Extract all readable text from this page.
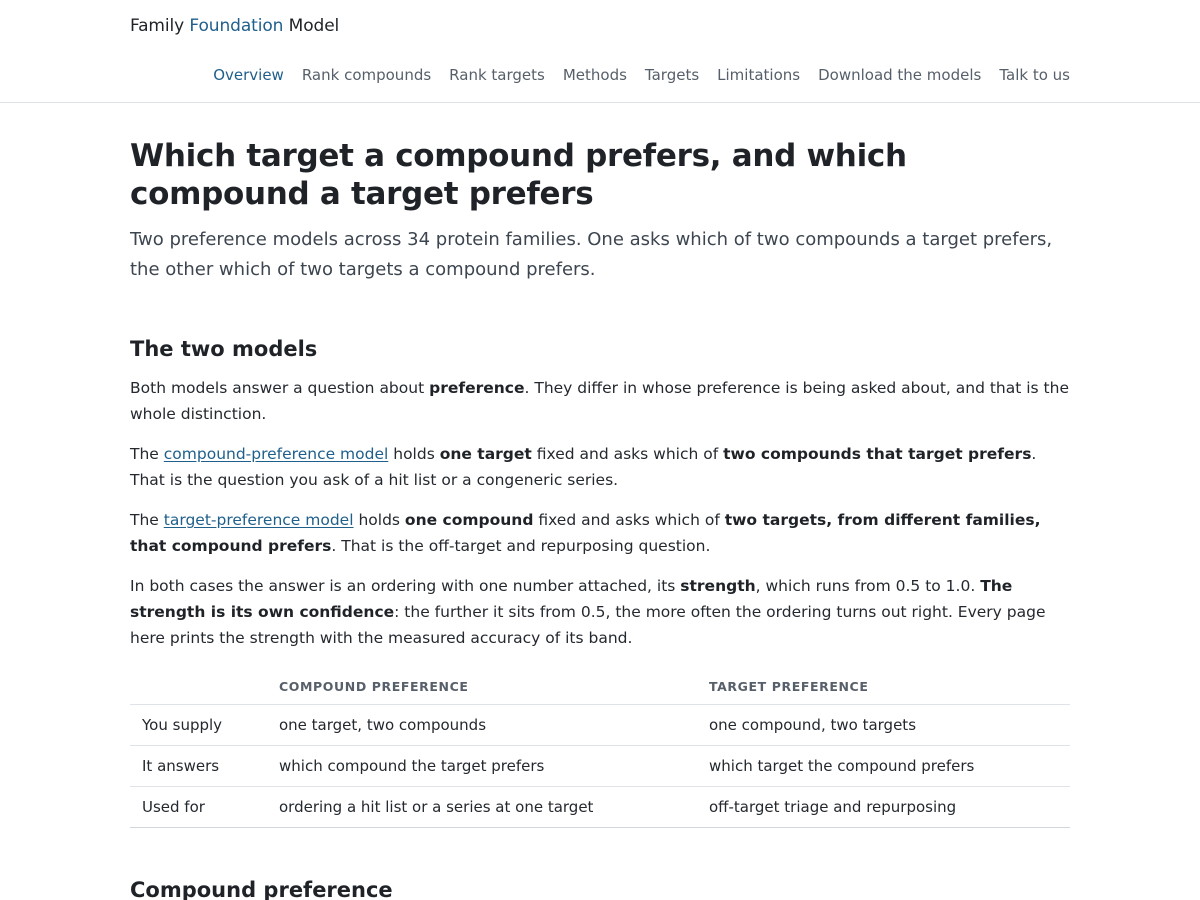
Family Foundation Model
Overview Rank compounds Rank targets Methods Targets Limitations Download the models Talk to us
Which target a compound prefers, and which compound a target prefers

Two preference models across 34 protein families. One asks which of two compounds a target prefers, the other which of two targets a compound prefers.

The two models

Both models answer a question about preference. They differ in whose preference is being asked about, and that is the whole distinction.

The compound-preference model holds one target fixed and asks which of two compounds that target prefers. That is the question you ask of a hit list or a congeneric series.

The target-preference model holds one compound fixed and asks which of two targets, from different families, that compound prefers. That is the off-target and repurposing question.

In both cases the answer is an ordering with one number attached, its strength, which runs from 0.5 to 1.0. The strength is its own confidence: the further it sits from 0.5, the more often the ordering turns out right. Every page here prints the strength with the measured accuracy of its band.

	COMPOUND PREFERENCE	TARGET PREFERENCE
You supply	one target, two compounds	one compound, two targets
It answers	which compound the target prefers	which target the compound prefers
Used for	ordering a hit list or a series at one target	off-target triage and repurposing
Compound preference
